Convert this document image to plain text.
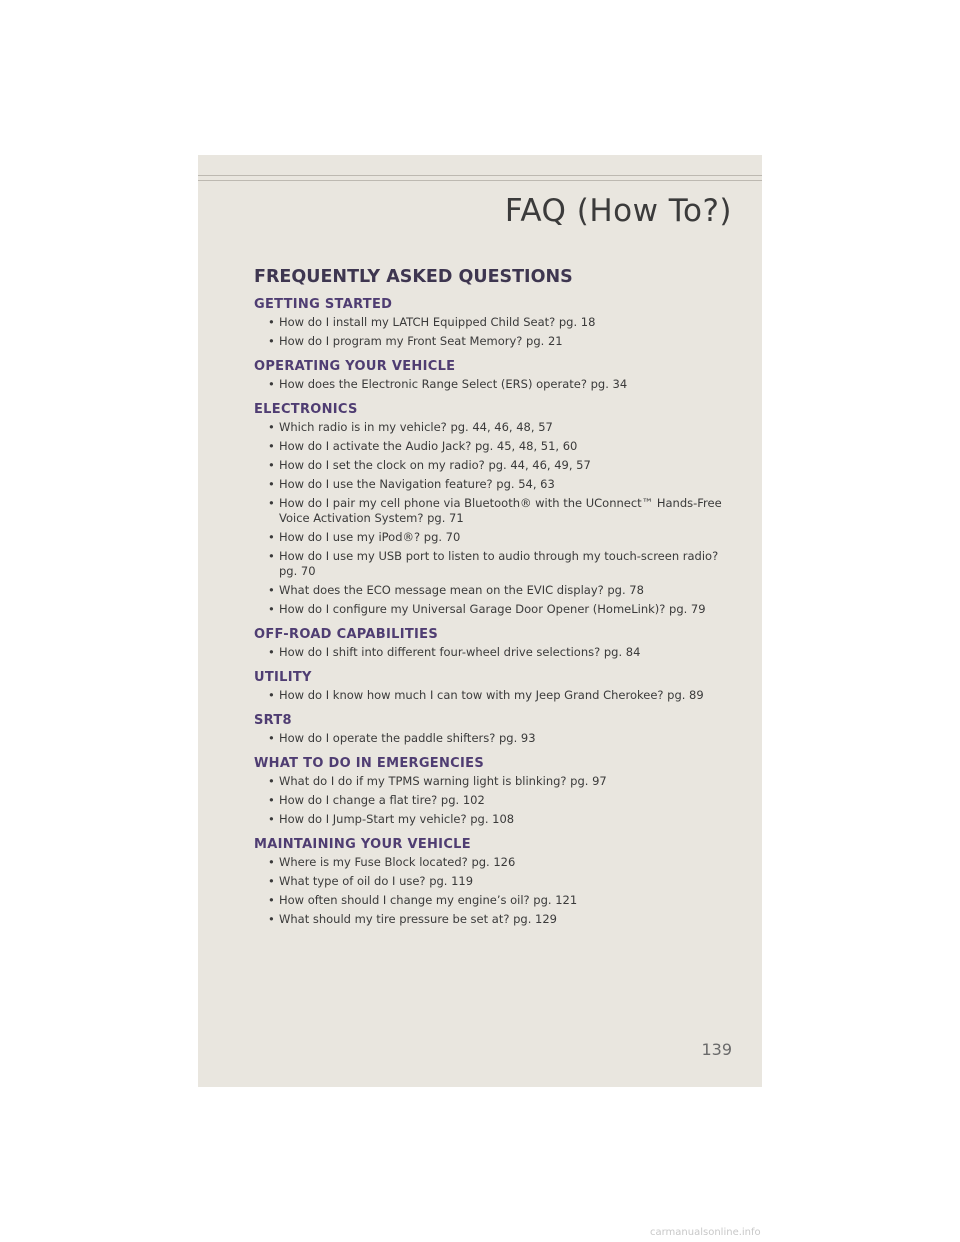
FAQ (How To?)
FREQUENTLY ASKED QUESTIONS
GETTING STARTED
• How do I install my LATCH Equipped Child Seat? pg. 18
• How do I program my Front Seat Memory? pg. 21
OPERATING YOUR VEHICLE
• How does the Electronic Range Select (ERS) operate? pg. 34
ELECTRONICS
• Which radio is in my vehicle? pg. 44, 46, 48, 57
• How do I activate the Audio Jack? pg. 45, 48, 51, 60
• How do I set the clock on my radio? pg. 44, 46, 49, 57
• How do I use the Navigation feature? pg. 54, 63
• How do I pair my cell phone via Bluetooth® with the UConnect™ Hands-Free Voice Activation System? pg. 71
• How do I use my iPod®? pg. 70
• How do I use my USB port to listen to audio through my touch-screen radio? pg. 70
• What does the ECO message mean on the EVIC display? pg. 78
• How do I configure my Universal Garage Door Opener (HomeLink)? pg. 79
OFF-ROAD CAPABILITIES
• How do I shift into different four-wheel drive selections? pg. 84
UTILITY
• How do I know how much I can tow with my Jeep Grand Cherokee? pg. 89
SRT8
• How do I operate the paddle shifters? pg. 93
WHAT TO DO IN EMERGENCIES
• What do I do if my TPMS warning light is blinking? pg. 97
• How do I change a flat tire? pg. 102
• How do I Jump-Start my vehicle? pg. 108
MAINTAINING YOUR VEHICLE
• Where is my Fuse Block located? pg. 126
• What type of oil do I use? pg. 119
• How often should I change my engine’s oil? pg. 121
• What should my tire pressure be set at? pg. 129
139
carmanualsonline.info
